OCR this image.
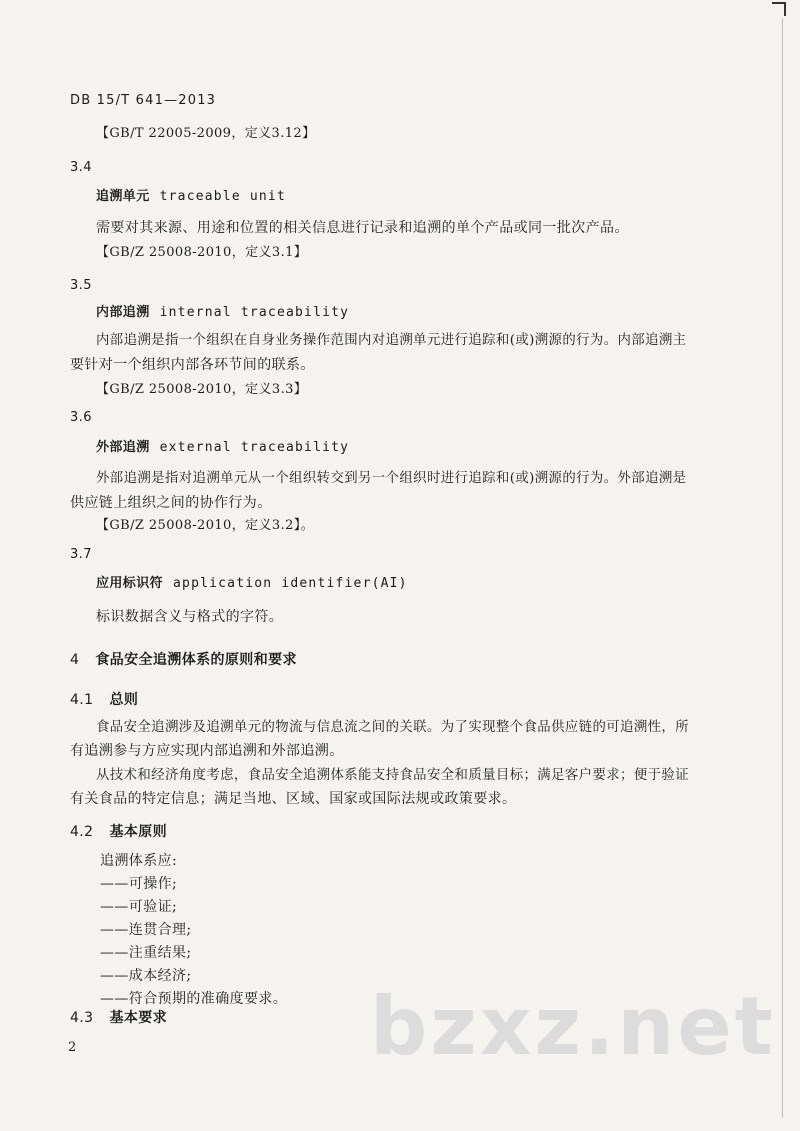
DB 15/T 641—2013
【GB/T 22005-2009，定义3.12】
3.4
追溯单元 traceable unit
需要对其来源、用途和位置的相关信息进行记录和追溯的单个产品或同一批次产品。
【GB/Z 25008-2010，定义3.1】
3.5
内部追溯 internal traceability
内部追溯是指一个组织在自身业务操作范围内对追溯单元进行追踪和(或)溯源的行为。内部追溯主
要针对一个组织内部各环节间的联系。
【GB/Z 25008-2010，定义3.3】
3.6
外部追溯 external traceability
外部追溯是指对追溯单元从一个组织转交到另一个组织时进行追踪和(或)溯源的行为。外部追溯是
供应链上组织之间的协作行为。
【GB/Z 25008-2010，定义3.2】。
3.7
应用标识符 application identifier(AI)
标识数据含义与格式的字符。
4 食品安全追溯体系的原则和要求
4.1 总则
食品安全追溯涉及追溯单元的物流与信息流之间的关联。为了实现整个食品供应链的可追溯性，所
有追溯参与方应实现内部追溯和外部追溯。
从技术和经济角度考虑，食品安全追溯体系能支持食品安全和质量目标；满足客户要求；便于验证
有关食品的特定信息；满足当地、区域、国家或国际法规或政策要求。
4.2 基本原则
追溯体系应:
——可操作;
——可验证;
——连贯合理;
——注重结果;
——成本经济;
——符合预期的准确度要求。
4.3 基本要求
2	bzxz.net
